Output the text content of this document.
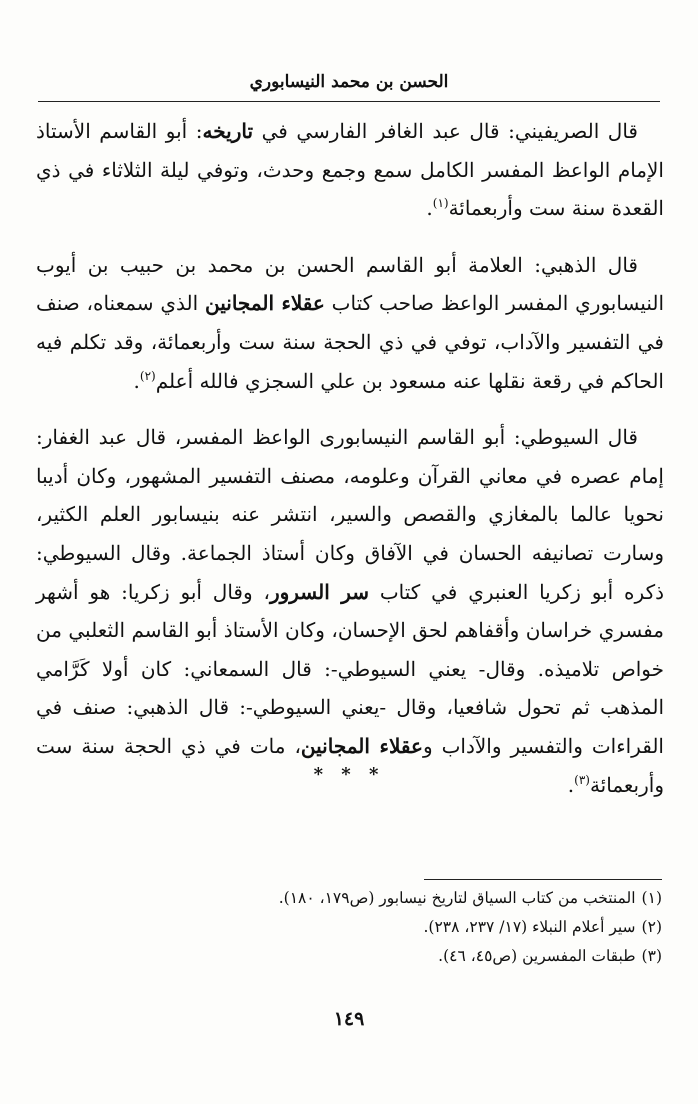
الحسن بن محمد النيسابوري

قال الصريفيني: قال عبد الغافر الفارسي في تاريخه: أبو القاسم الأستاذ الإمام الواعظ المفسر الكامل سمع وجمع وحدث، وتوفي ليلة الثلاثاء في ذي القعدة سنة ست وأربعمائة$^{(١)}$.

قال الذهبي: العلامة أبو القاسم الحسن بن محمد بن حبيب بن أيوب النيسابوري المفسر الواعظ صاحب كتاب عقلاء المجانين الذي سمعناه، صنف في التفسير والآداب، توفي في ذي الحجة سنة ست وأربعمائة، وقد تكلم فيه الحاكم في رقعة نقلها عنه مسعود بن علي السجزي فالله أعلم$^{(٢)}$.

قال السيوطي: أبو القاسم النيسابورى الواعظ المفسر، قال عبد الغفار: إمام عصره في معاني القرآن وعلومه، مصنف التفسير المشهور، وكان أديبا نحويا عالما بالمغازي والقصص والسير، انتشر عنه بنيسابور العلم الكثير، وسارت تصانيفه الحسان في الآفاق وكان أستاذ الجماعة. وقال السيوطي: ذكره أبو زكريا العنبري في كتاب سر السرور، وقال أبو زكريا: هو أشهر مفسري خراسان وأقفاهم لحق الإحسان، وكان الأستاذ أبو القاسم الثعلبي من خواص تلاميذه. وقال- يعني السيوطي-: قال السمعاني: كان أولا كَرَّامي المذهب ثم تحول شافعيا، وقال -يعني السيوطي-: قال الذهبي: صنف في القراءات والتفسير والآداب وعقلاء المجانين، مات في ذي الحجة سنة ست وأربعمائة$^{(٣)}$.

* * *

(١)المنتخب من كتاب السياق لتاريخ نيسابور (ص١٧٩، ١٨٠).

(٢)سير أعلام النبلاء (١٧/ ٢٣٧، ٢٣٨).

(٣)طبقات المفسرين (ص٤٥، ٤٦).

١٤٩
